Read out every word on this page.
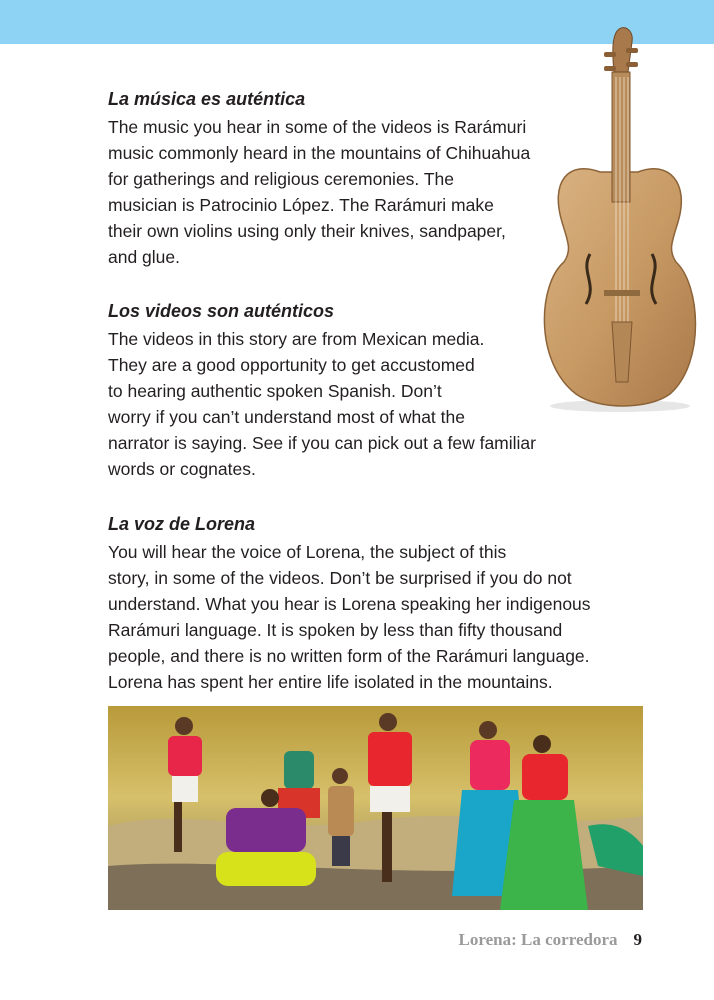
La música es auténtica
The music you hear in some of the videos is Rarámuri
music commonly heard in the mountains of Chihuahua
for gatherings and religious ceremonies. The
musician is Patrocinio López. The Rarámuri make
their own violins using only their knives, sandpaper,
and glue.
Los videos son auténticos
The videos in this story are from Mexican media.
They are a good opportunity to get accustomed
to hearing authentic spoken Spanish. Don’t
worry if you can’t understand most of what the
narrator is saying. See if you can pick out a few familiar
words or cognates.
La voz de Lorena
You will hear the voice of Lorena, the subject of this
story, in some of the videos. Don’t be surprised if you do not
understand. What you hear is Lorena speaking her indigenous
Rarámuri language. It is spoken by less than fifty thousand
people, and there is no written form of the Rarámuri language.
Lorena has spent her entire life isolated in the mountains.
Lorena: La corredora 9
